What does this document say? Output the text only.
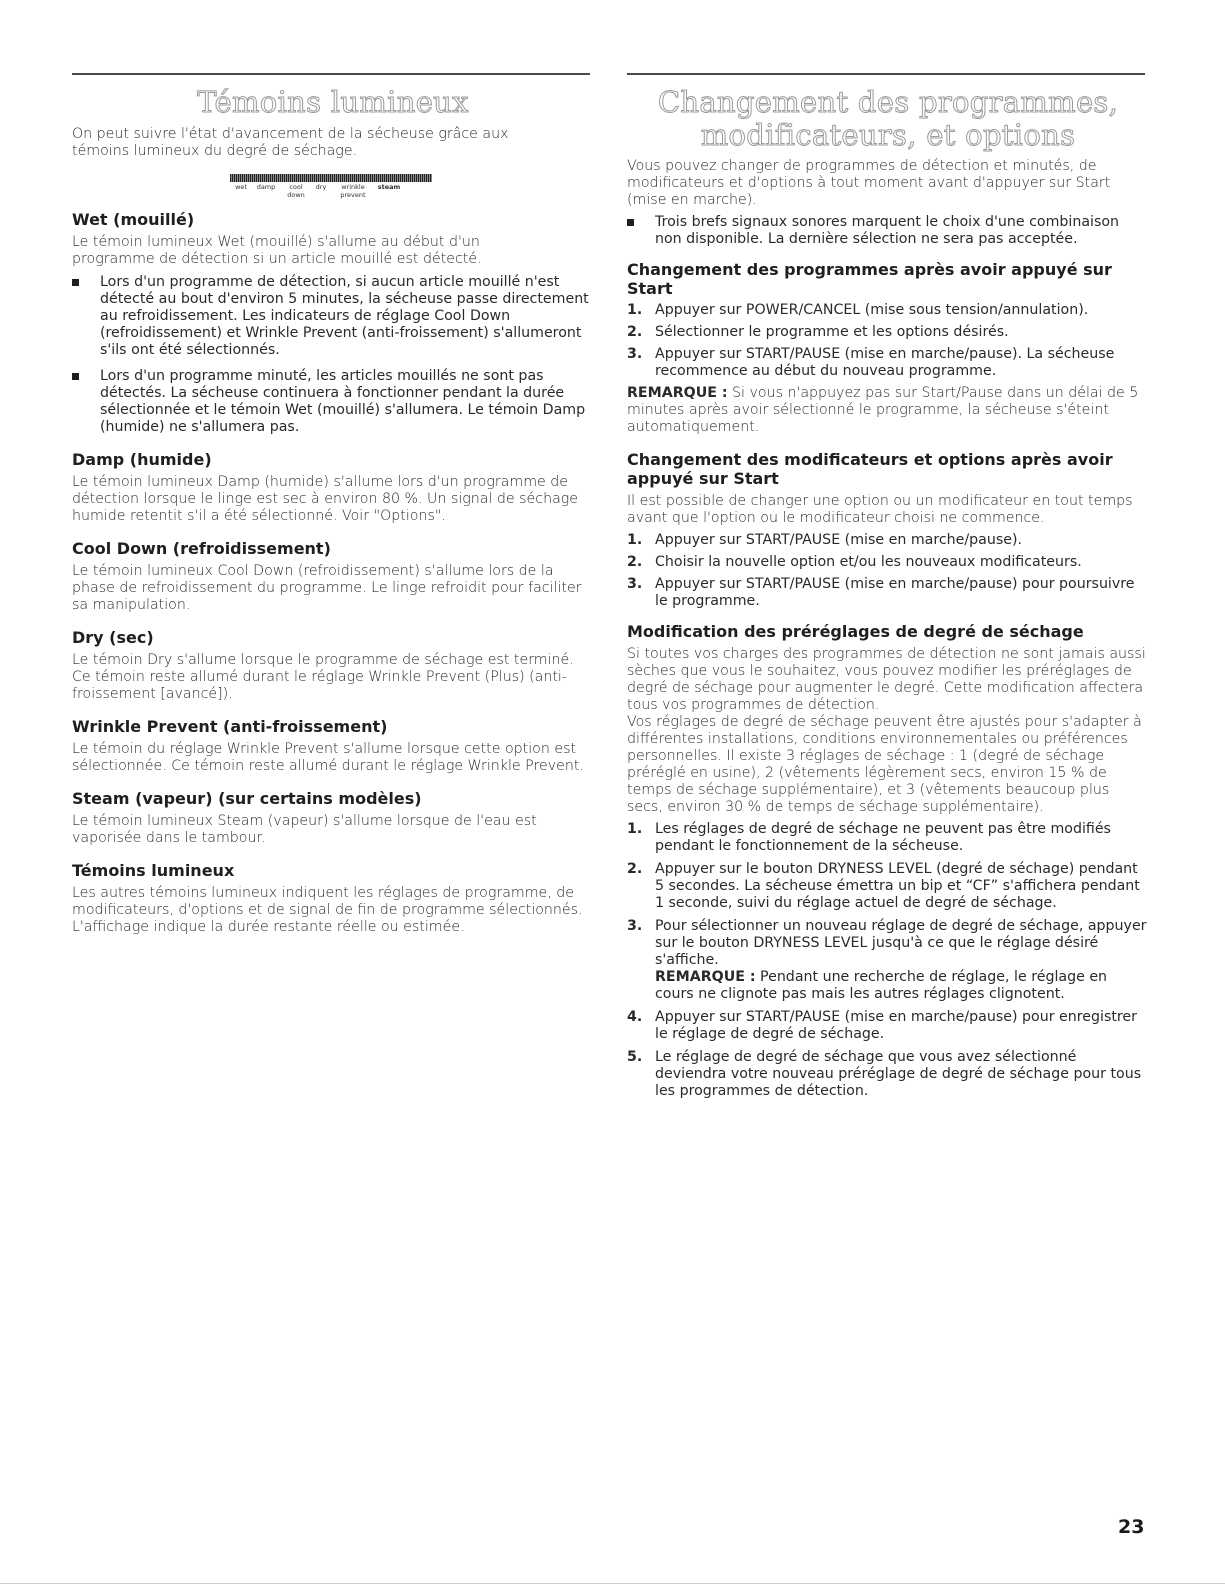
Témoins lumineux

On peut suivre l'état d'avancement de la sécheuse grâce aux témoins lumineux du degré de séchage.

wet	damp	cool
down
dry	wrinkle
prevent
steam
Wet (mouillé)

Le témoin lumineux Wet (mouillé) s'allume au début d'un programme de détection si un article mouillé est détecté.

Lors d'un programme de détection, si aucun article mouillé n'est détecté au bout d'environ 5 minutes, la sécheuse passe directement au refroidissement. Les indicateurs de réglage Cool Down (refroidissement) et Wrinkle Prevent (anti-froissement) s'allumeront s'ils ont été sélectionnés.
Lors d'un programme minuté, les articles mouillés ne sont pas détectés. La sécheuse continuera à fonctionner pendant la durée sélectionnée et le témoin Wet (mouillé) s'allumera. Le témoin Damp (humide) ne s'allumera pas.
Damp (humide)

Le témoin lumineux Damp (humide) s'allume lors d'un programme de détection lorsque le linge est sec à environ 80 %. Un signal de séchage humide retentit s'il a été sélectionné. Voir "Options".

Cool Down (refroidissement)

Le témoin lumineux Cool Down (refroidissement) s'allume lors de la phase de refroidissement du programme. Le linge refroidit pour faciliter sa manipulation.

Dry (sec)

Le témoin Dry s'allume lorsque le programme de séchage est terminé. Ce témoin reste allumé durant le réglage Wrinkle Prevent (Plus) (anti-froissement [avancé]).

Wrinkle Prevent (anti-froissement)

Le témoin du réglage Wrinkle Prevent s'allume lorsque cette option est sélectionnée. Ce témoin reste allumé durant le réglage Wrinkle Prevent.

Steam (vapeur) (sur certains modèles)

Le témoin lumineux Steam (vapeur) s'allume lorsque de l'eau est vaporisée dans le tambour.

Témoins lumineux

Les autres témoins lumineux indiquent les réglages de programme, de modificateurs, d'options et de signal de fin de programme sélectionnés. L'affichage indique la durée restante réelle ou estimée.

Changement des programmes,
modificateurs, et options

Vous pouvez changer de programmes de détection et minutés, de modificateurs et d'options à tout moment avant d'appuyer sur Start (mise en marche).

Trois brefs signaux sonores marquent le choix d'une combinaison non disponible. La dernière sélection ne sera pas acceptée.
Changement des programmes après avoir appuyé sur Start
1. Appuyer sur POWER/CANCEL (mise sous tension/annulation).
2. Sélectionner le programme et les options désirés.
3. Appuyer sur START/PAUSE (mise en marche/pause). La sécheuse recommence au début du nouveau programme.

REMARQUE : Si vous n'appuyez pas sur Start/Pause dans un délai de 5 minutes après avoir sélectionné le programme, la sécheuse s'éteint automatiquement.

Changement des modificateurs et options après avoir appuyé sur Start

Il est possible de changer une option ou un modificateur en tout temps avant que l'option ou le modificateur choisi ne commence.

1. Appuyer sur START/PAUSE (mise en marche/pause).
2. Choisir la nouvelle option et/ou les nouveaux modificateurs.
3. Appuyer sur START/PAUSE (mise en marche/pause) pour poursuivre le programme.
Modification des préréglages de degré de séchage

Si toutes vos charges des programmes de détection ne sont jamais aussi sèches que vous le souhaitez, vous pouvez modifier les préréglages de degré de séchage pour augmenter le degré. Cette modification affectera tous vos programmes de détection.

Vos réglages de degré de séchage peuvent être ajustés pour s'adapter à différentes installations, conditions environnementales ou préférences personnelles. Il existe 3 réglages de séchage : 1 (degré de séchage préréglé en usine), 2 (vêtements légèrement secs, environ 15 % de temps de séchage supplémentaire), et 3 (vêtements beaucoup plus secs, environ 30 % de temps de séchage supplémentaire).

1. Les réglages de degré de séchage ne peuvent pas être modifiés pendant le fonctionnement de la sécheuse.
2. Appuyer sur le bouton DRYNESS LEVEL (degré de séchage) pendant 5 secondes. La sécheuse émettra un bip et “CF” s'affichera pendant 1 seconde, suivi du réglage actuel de degré de séchage.
3. Pour sélectionner un nouveau réglage de degré de séchage, appuyer sur le bouton DRYNESS LEVEL jusqu'à ce que le réglage désiré s'affiche.
REMARQUE : Pendant une recherche de réglage, le réglage en cours ne clignote pas mais les autres réglages clignotent.
4. Appuyer sur START/PAUSE (mise en marche/pause) pour enregistrer le réglage de degré de séchage.
5. Le réglage de degré de séchage que vous avez sélectionné deviendra votre nouveau préréglage de degré de séchage pour tous les programmes de détection.
23
